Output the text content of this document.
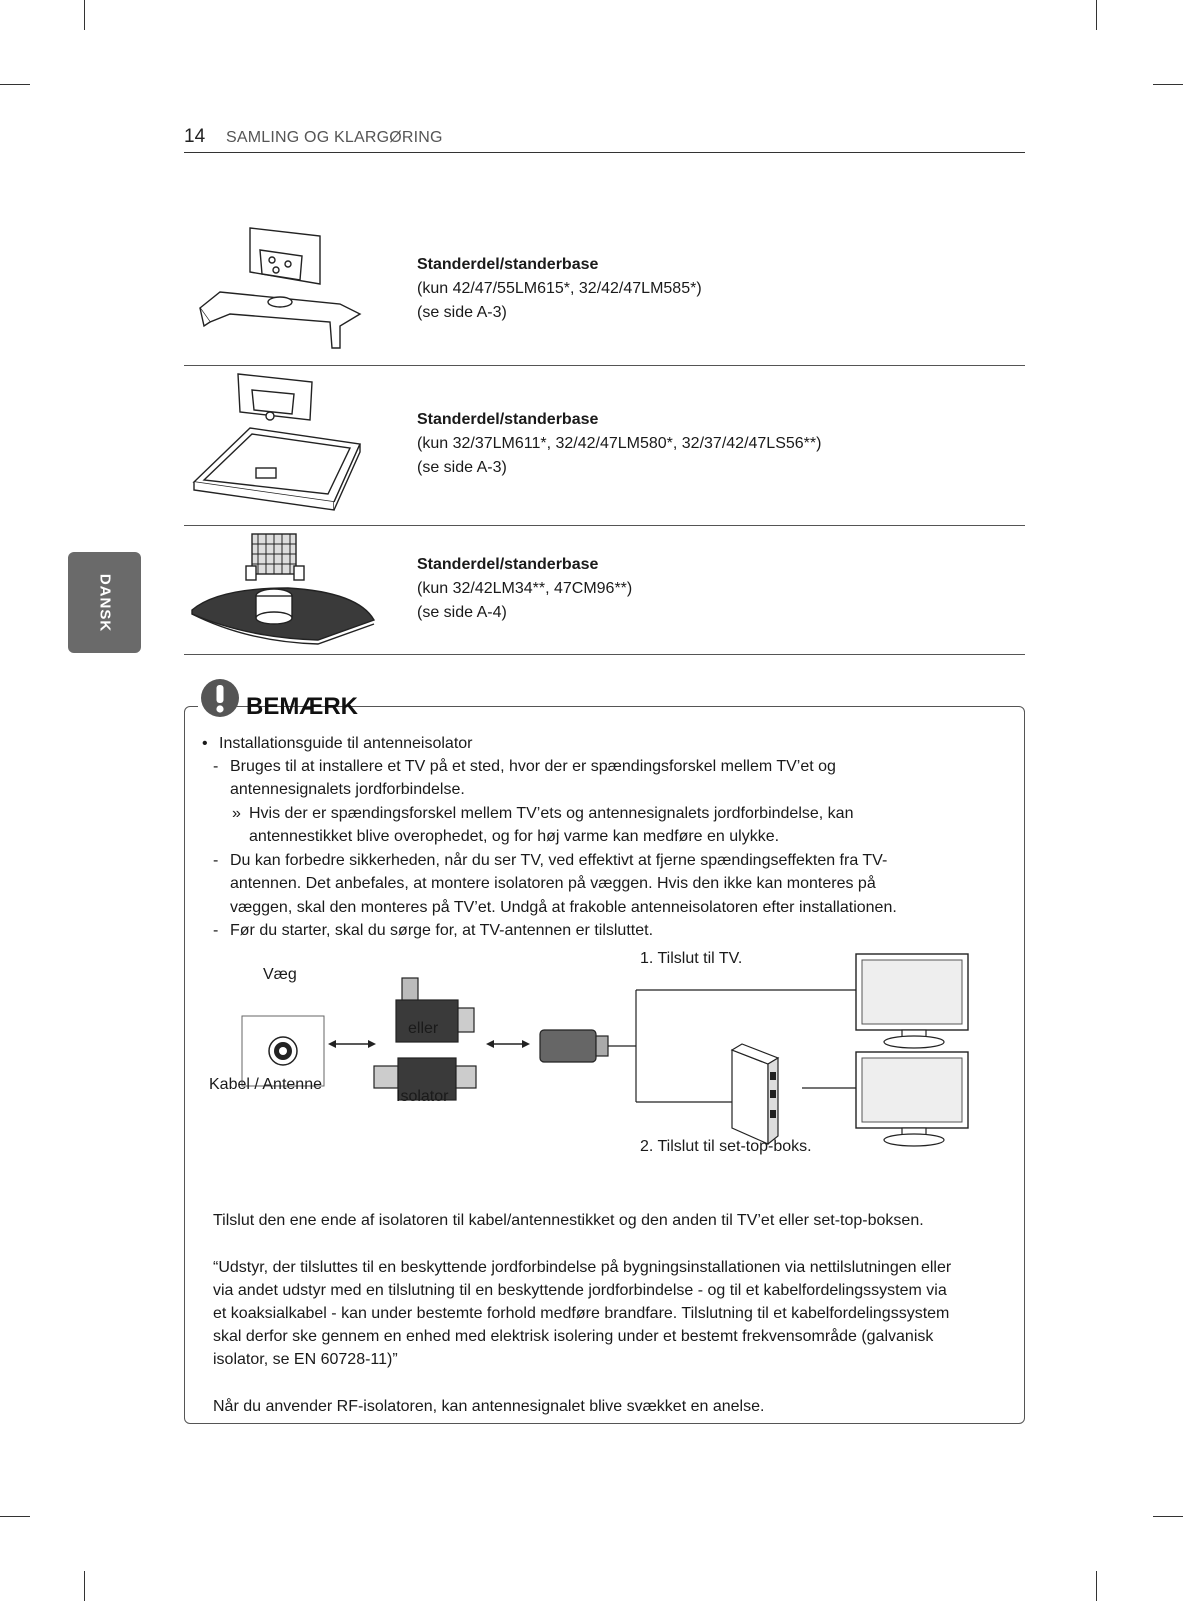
14 SAMLING OG KLARGØRING
DANSK
Standerdel/standerbase
(kun 42/47/55LM615*, 32/42/47LM585*)
(se side A-3)
Standerdel/standerbase
(kun 32/37LM611*, 32/42/47LM580*, 32/37/42/47LS56**)
(se side A-3)
Standerdel/standerbase
(kun 32/42LM34**, 47CM96**)
(se side A-4)
BEMÆRK
• Installationsguide til antenneisolator
- Bruges til at installere et TV på et sted, hvor der er spændingsforskel mellem TV’et og
antennesignalets jordforbindelse.
» Hvis der er spændingsforskel mellem TV’ets og antennesignalets jordforbindelse, kan
antennestikket blive overophedet, og for høj varme kan medføre en ulykke.
- Du kan forbedre sikkerheden, når du ser TV, ved effektivt at fjerne spændingseffekten fra TV-
antennen. Det anbefales, at montere isolatoren på væggen. Hvis den ikke kan monteres på
væggen, skal den monteres på TV’et. Undgå at frakoble antenneisolatoren efter installationen.
- Før du starter, skal du sørge for, at TV-antennen er tilsluttet.
Væg
Kabel / Antenne
eller
Isolator
1. Tilslut til TV.
2. Tilslut til set-top-boks.
Tilslut den ene ende af isolatoren til kabel/antennestikket og den anden til TV’et eller set-top-boksen.
“Udstyr, der tilsluttes til en beskyttende jordforbindelse på bygningsinstallationen via nettilslutningen eller
via andet udstyr med en tilslutning til en beskyttende jordforbindelse - og til et kabelfordelingssystem via
et koaksialkabel - kan under bestemte forhold medføre brandfare. Tilslutning til et kabelfordelingssystem
skal derfor ske gennem en enhed med elektrisk isolering under et bestemt frekvensområde (galvanisk
isolator, se EN 60728-11)”
Når du anvender RF-isolatoren, kan antennesignalet blive svækket en anelse.
